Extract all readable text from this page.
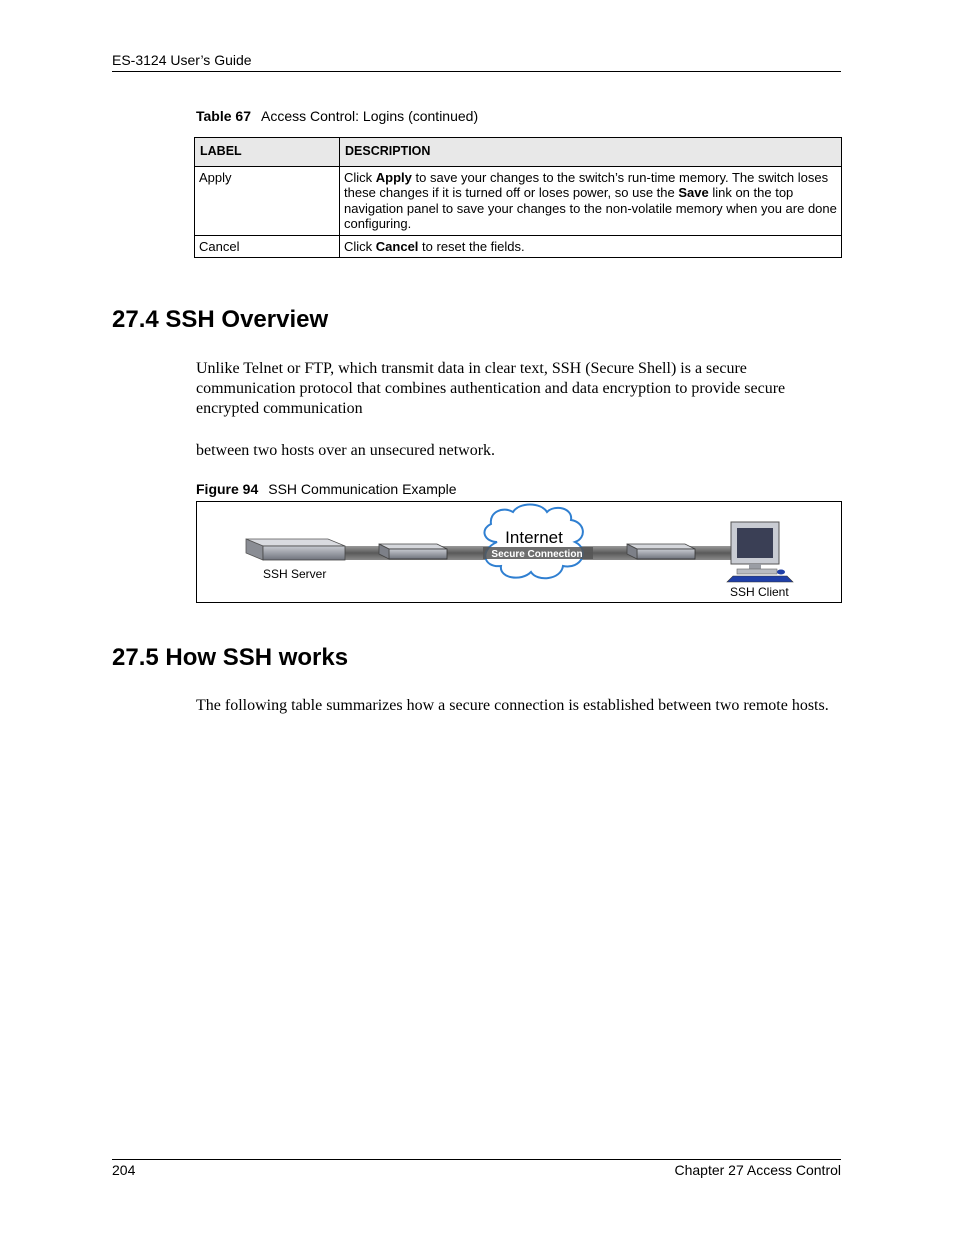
ES-3124 User’s Guide
Table 67 Access Control: Logins (continued)
LABEL	DESCRIPTION
Apply	Click Apply to save your changes to the switch’s run-time memory. The switch loses these changes if it is turned off or loses power, so use the Save link on the top navigation panel to save your changes to the non-volatile memory when you are done configuring.
Cancel	Click Cancel to reset the fields.
27.4 SSH Overview
Unlike Telnet or FTP, which transmit data in clear text, SSH (Secure Shell) is a secure communication protocol that combines authentication and data encryption to provide secure encrypted communication
between two hosts over an unsecured network.
Figure 94 SSH Communication Example
SSH Server
Internet
Secure Connection
SSH Client
27.5 How SSH works
The following table summarizes how a secure connection is established between two remote hosts.
204	Chapter 27 Access Control
